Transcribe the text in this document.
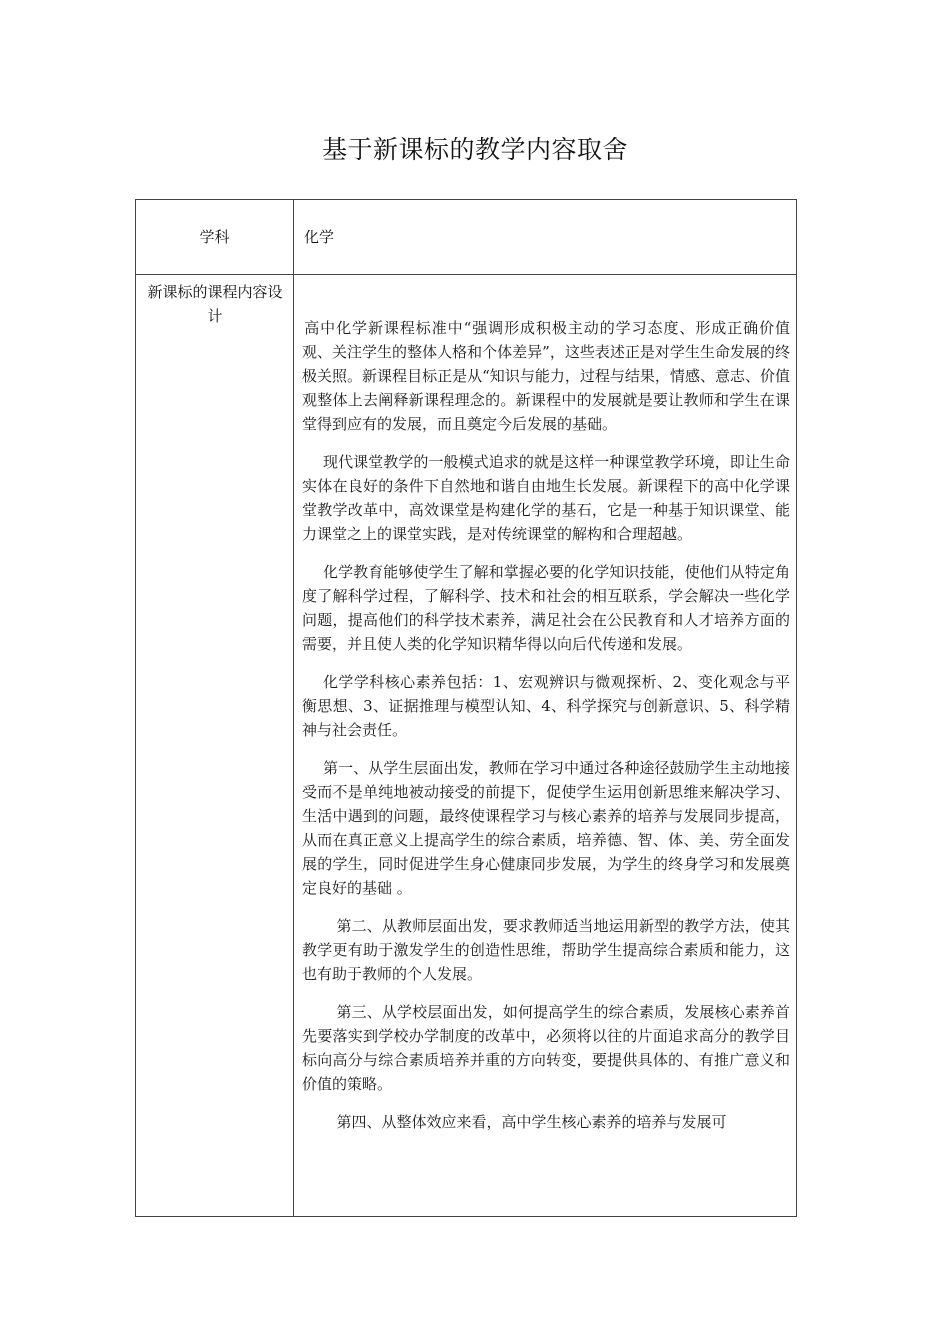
基于新课标的教学内容取舍
学科	化学
新课标的课程内容设计

高中化学新课程标准中“强调形成积极主动的学习态度、形成正确价值观、关注学生的整体人格和个体差异”，这些表述正是对学生生命发展的终极关照。新课程目标正是从“知识与能力，过程与结果，情感、意志、价值观整体上去阐释新课程理念的。新课程中的发展就是要让教师和学生在课堂得到应有的发展，而且奠定今后发展的基础。

现代课堂教学的一般模式追求的就是这样一种课堂教学环境，即让生命实体在良好的条件下自然地和谐自由地生长发展。新课程下的高中化学课堂教学改革中，高效课堂是构建化学的基石，它是一种基于知识课堂、能力课堂之上的课堂实践，是对传统课堂的解构和合理超越。

化学教育能够使学生了解和掌握必要的化学知识技能，使他们从特定角度了解科学过程，了解科学、技术和社会的相互联系，学会解决一些化学问题，提高他们的科学技术素养，满足社会在公民教育和人才培养方面的需要，并且使人类的化学知识精华得以向后代传递和发展。

化学学科核心素养包括：1、宏观辨识与微观探析、2、变化观念与平衡思想、3、证据推理与模型认知、4、科学探究与创新意识、5、科学精神与社会责任。

第一、从学生层面出发，教师在学习中通过各种途径鼓励学生主动地接受而不是单纯地被动接受的前提下，促使学生运用创新思维来解决学习、生活中遇到的问题，最终使课程学习与核心素养的培养与发展同步提高，从而在真正意义上提高学生的综合素质，培养德、智、体、美、劳全面发展的学生，同时促进学生身心健康同步发展，为学生的终身学习和发展奠定良好的基础 。

第二、从教师层面出发，要求教师适当地运用新型的教学方法，使其教学更有助于激发学生的创造性思维，帮助学生提高综合素质和能力，这也有助于教师的个人发展。

第三、从学校层面出发，如何提高学生的综合素质，发展核心素养首先要落实到学校办学制度的改革中，必须将以往的片面追求高分的教学目标向高分与综合素质培养并重的方向转变，要提供具体的、有推广意义和价值的策略。

第四、从整体效应来看，高中学生核心素养的培养与发展可
